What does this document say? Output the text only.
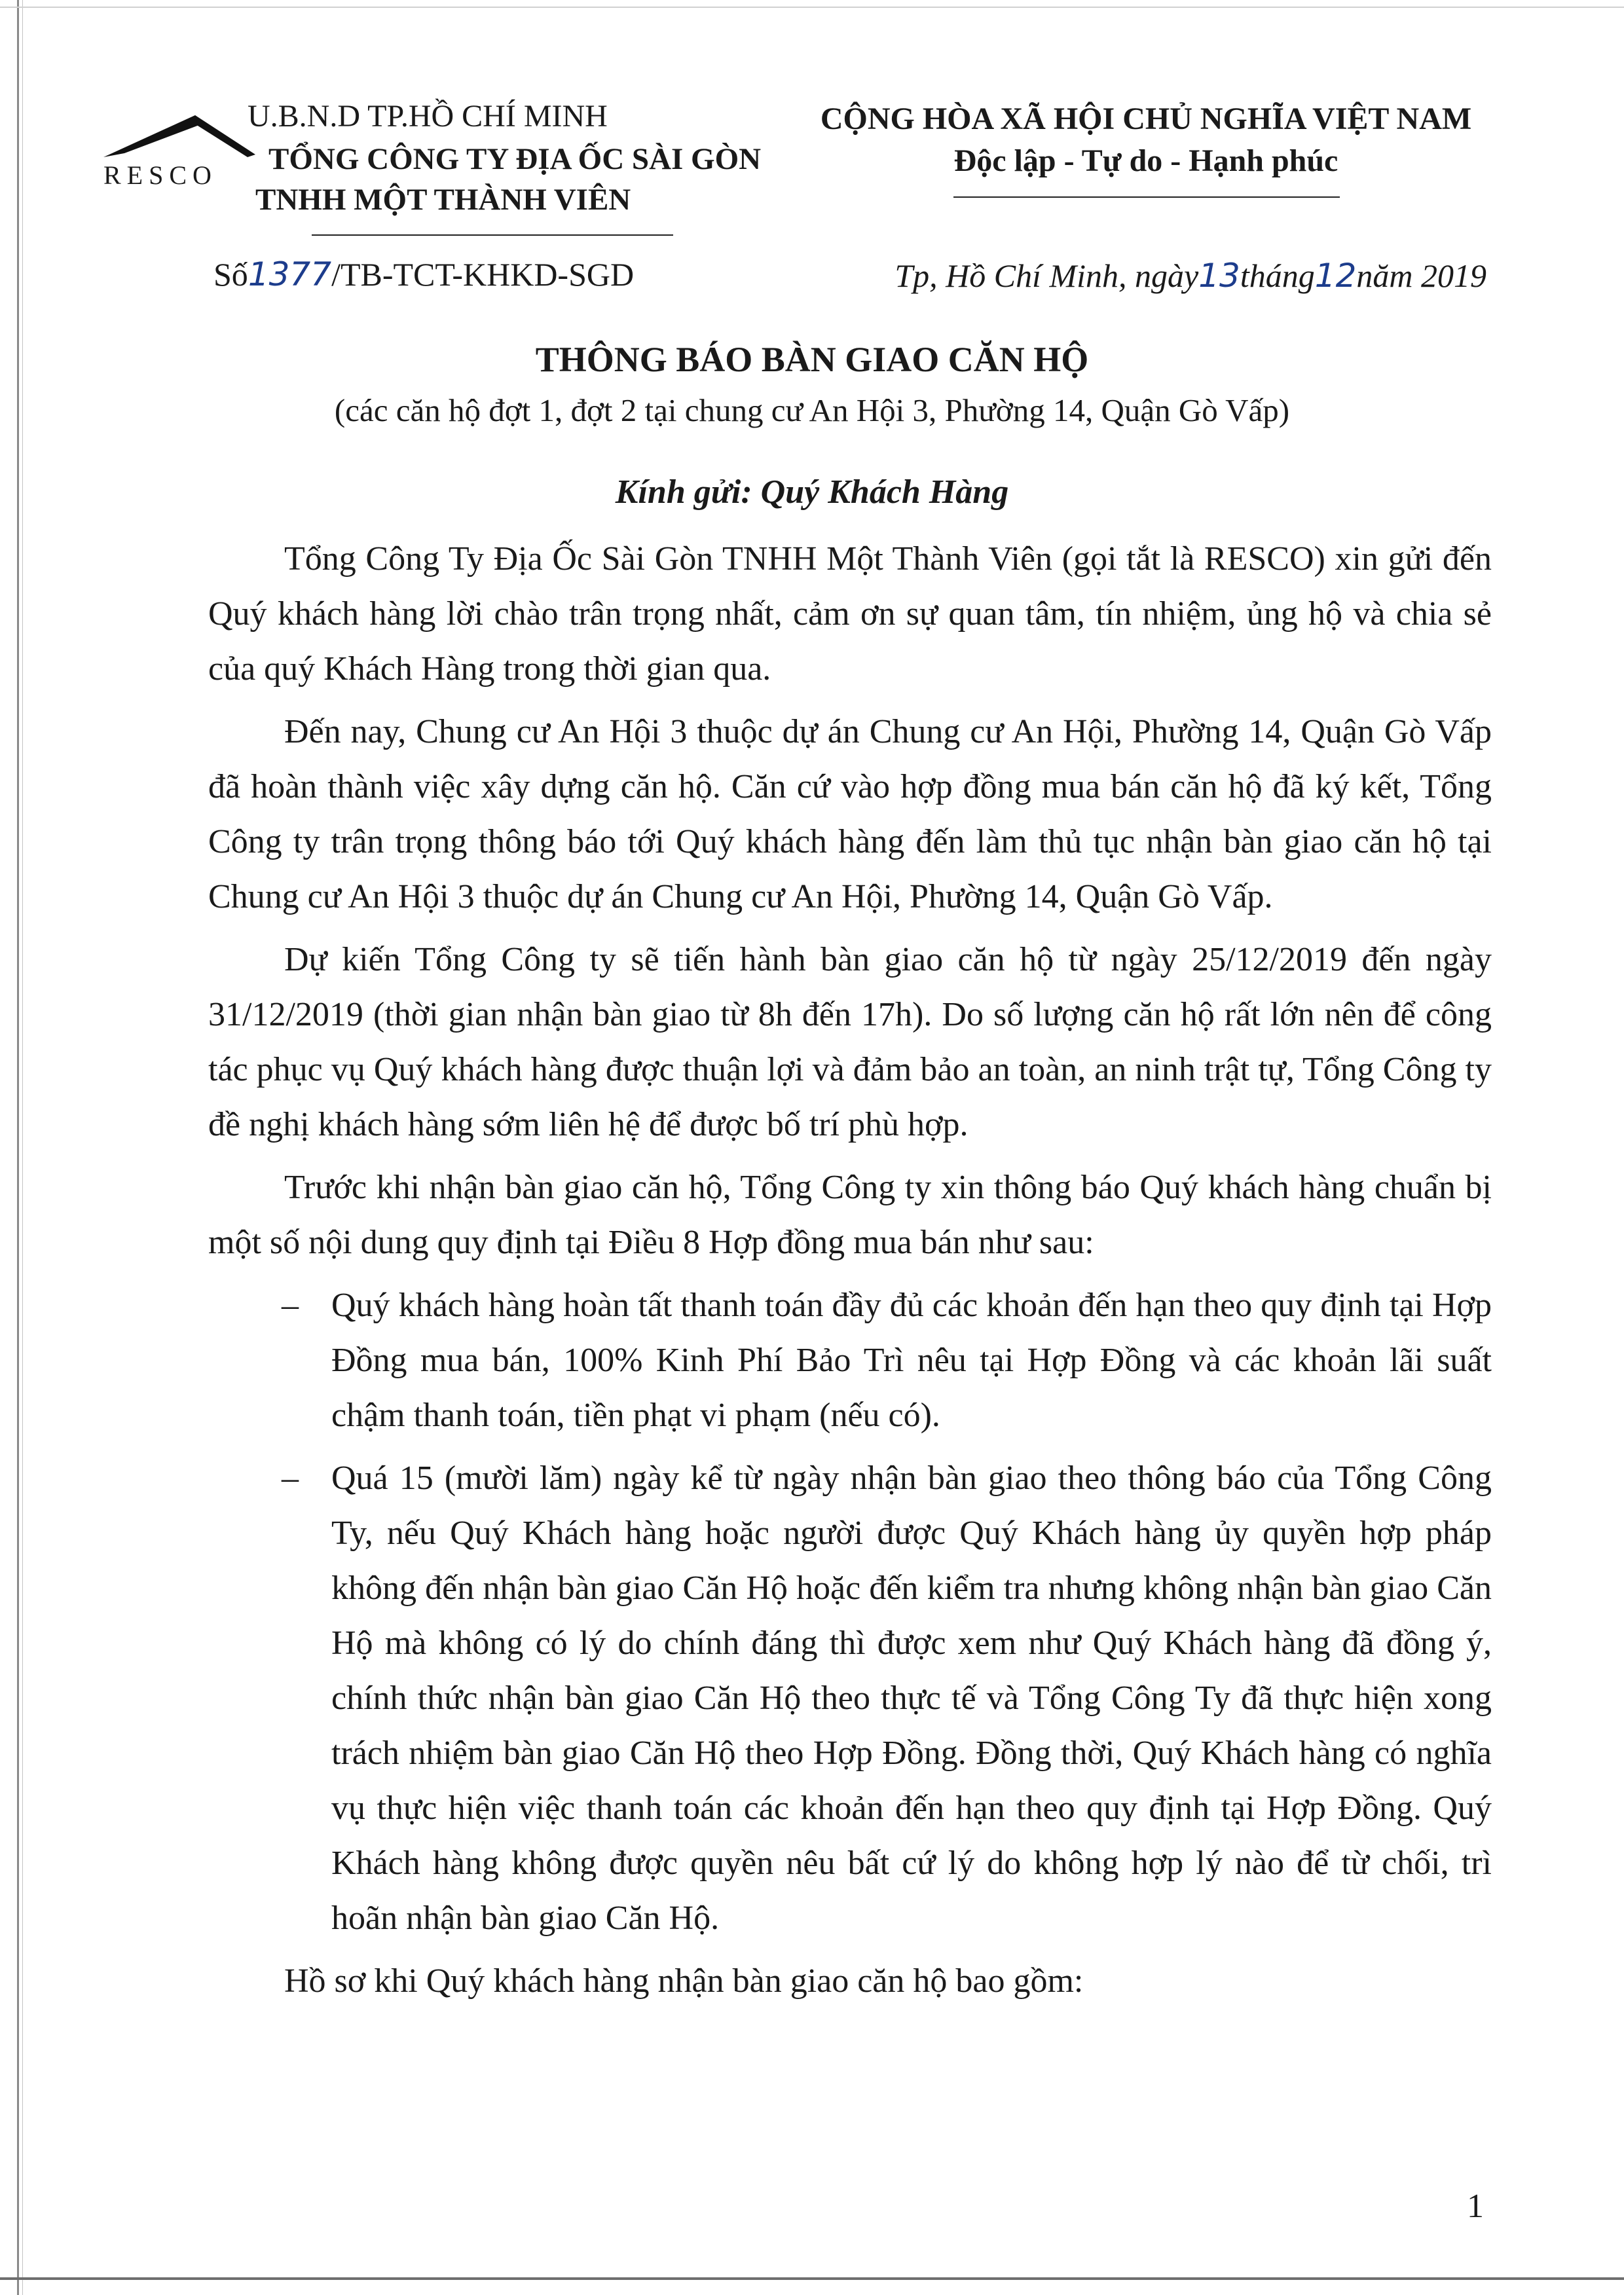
RESCO
U.B.N.D TP.HỒ CHÍ MINH
TỔNG CÔNG TY ĐỊA ỐC SÀI GÒN
TNHH MỘT THÀNH VIÊN
Số1377/TB-TCT-KHKD-SGD
CỘNG HÒA XÃ HỘI CHỦ NGHĨA VIỆT NAM
Độc lập - Tự do - Hạnh phúc
Tp, Hồ Chí Minh, ngày13tháng12năm 2019
THÔNG BÁO BÀN GIAO CĂN HỘ
(các căn hộ đợt 1, đợt 2 tại chung cư An Hội 3, Phường 14, Quận Gò Vấp)
Kính gửi: Quý Khách Hàng

Tổng Công Ty Địa Ốc Sài Gòn TNHH Một Thành Viên (gọi tắt là RESCO) xin gửi đến Quý khách hàng lời chào trân trọng nhất, cảm ơn sự quan tâm, tín nhiệm, ủng hộ và chia sẻ của quý Khách Hàng trong thời gian qua.

Đến nay, Chung cư An Hội 3 thuộc dự án Chung cư An Hội, Phường 14, Quận Gò Vấp đã hoàn thành việc xây dựng căn hộ. Căn cứ vào hợp đồng mua bán căn hộ đã ký kết, Tổng Công ty trân trọng thông báo tới Quý khách hàng đến làm thủ tục nhận bàn giao căn hộ tại Chung cư An Hội 3 thuộc dự án Chung cư An Hội, Phường 14, Quận Gò Vấp.

Dự kiến Tổng Công ty sẽ tiến hành bàn giao căn hộ từ ngày 25/12/2019 đến ngày 31/12/2019 (thời gian nhận bàn giao từ 8h đến 17h). Do số lượng căn hộ rất lớn nên để công tác phục vụ Quý khách hàng được thuận lợi và đảm bảo an toàn, an ninh trật tự, Tổng Công ty đề nghị khách hàng sớm liên hệ để được bố trí phù hợp.

Trước khi nhận bàn giao căn hộ, Tổng Công ty xin thông báo Quý khách hàng chuẩn bị một số nội dung quy định tại Điều 8 Hợp đồng mua bán như sau:

– Quý khách hàng hoàn tất thanh toán đầy đủ các khoản đến hạn theo quy định tại Hợp Đồng mua bán, 100% Kinh Phí Bảo Trì nêu tại Hợp Đồng và các khoản lãi suất chậm thanh toán, tiền phạt vi phạm (nếu có).
– Quá 15 (mười lăm) ngày kể từ ngày nhận bàn giao theo thông báo của Tổng Công Ty, nếu Quý Khách hàng hoặc người được Quý Khách hàng ủy quyền hợp pháp không đến nhận bàn giao Căn Hộ hoặc đến kiểm tra nhưng không nhận bàn giao Căn Hộ mà không có lý do chính đáng thì được xem như Quý Khách hàng đã đồng ý, chính thức nhận bàn giao Căn Hộ theo thực tế và Tổng Công Ty đã thực hiện xong trách nhiệm bàn giao Căn Hộ theo Hợp Đồng. Đồng thời, Quý Khách hàng có nghĩa vụ thực hiện việc thanh toán các khoản đến hạn theo quy định tại Hợp Đồng. Quý Khách hàng không được quyền nêu bất cứ lý do không hợp lý nào để từ chối, trì hoãn nhận bàn giao Căn Hộ.

Hồ sơ khi Quý khách hàng nhận bàn giao căn hộ bao gồm:

1
